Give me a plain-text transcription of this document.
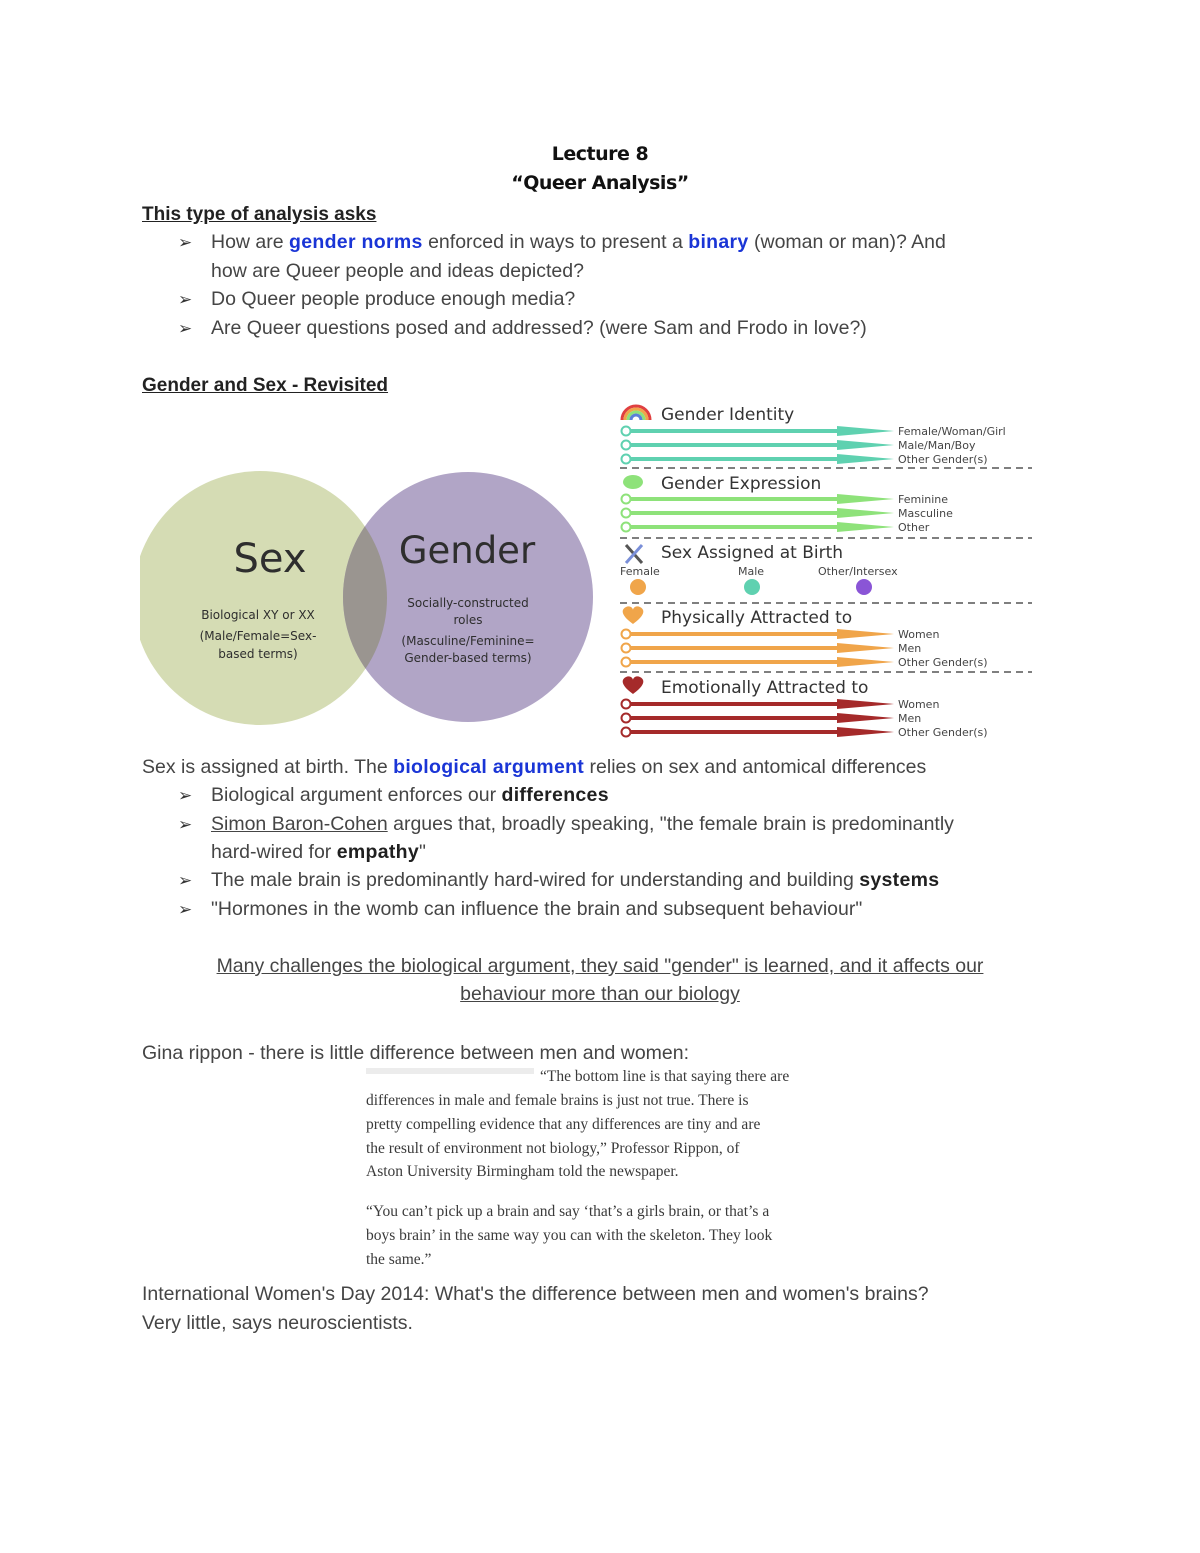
Lecture 8
“Queer Analysis”
This type of analysis asks
➢ How are gender norms enforced in ways to present a binary (woman or man)? And
how are Queer people and ideas depicted?
➢ Do Queer people produce enough media?
➢ Are Queer questions posed and addressed? (were Sam and Frodo in love?)
Gender and Sex - Revisited
Sex
Biological XY or XX
(Male/Female=Sex-
based terms)
Gender
Socially-constructed
roles
(Masculine/Feminine=
Gender-based terms)
Gender Identity
Female/Woman/Girl
Male/Man/Boy
Other Gender(s)
Gender Expression
Feminine
Masculine
Other
Sex Assigned at Birth
Female	Male	Other/Intersex
Physically Attracted to
Women
Men
Other Gender(s)
Emotionally Attracted to
Women
Men
Other Gender(s)
Sex is assigned at birth. The biological argument relies on sex and antomical differences
➢ Biological argument enforces our differences
➢ Simon Baron-Cohen argues that, broadly speaking, "the female brain is predominantly
hard-wired for empathy"
➢ The male brain is predominantly hard-wired for understanding and building systems
➢ "Hormones in the womb can influence the brain and subsequent behaviour"
Many challenges the biological argument, they said "gender" is learned, and it affects our
behaviour more than our biology
Gina rippon - there is little difference between men and women:
“The bottom line is that saying there are
differences in male and female brains is just not true. There is
pretty compelling evidence that any differences are tiny and are
the result of environment not biology,” Professor Rippon, of
Aston University Birmingham told the newspaper.
“You can’t pick up a brain and say ‘that’s a girls brain, or that’s a
boys brain’ in the same way you can with the skeleton. They look
the same.”
International Women's Day 2014: What's the difference between men and women's brains?
Very little, says neuroscientists.
